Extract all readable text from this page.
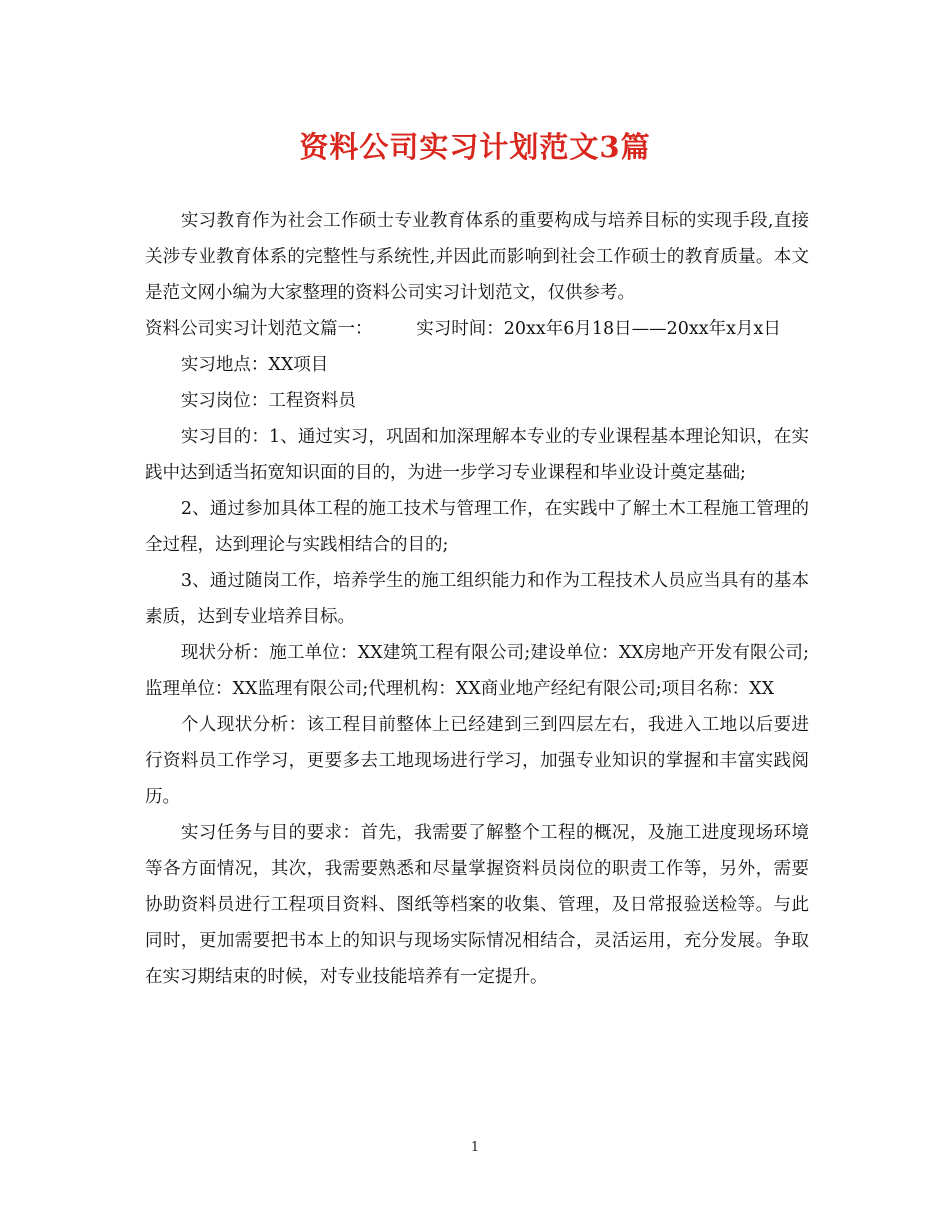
资料公司实习计划范文3篇

实习教育作为社会工作硕士专业教育体系的重要构成与培养目标的实现手段,直接关涉专业教育体系的完整性与系统性,并因此而影响到社会工作硕士的教育质量。本文是范文网小编为大家整理的资料公司实习计划范文，仅供参考。

资料公司实习计划范文篇一：　　　实习时间：20xx年6月18日——20xx年x月x日

实习地点：XX项目

实习岗位：工程资料员

实习目的：1、通过实习，巩固和加深理解本专业的专业课程基本理论知识，在实践中达到适当拓宽知识面的目的，为进一步学习专业课程和毕业设计奠定基础;

2、通过参加具体工程的施工技术与管理工作，在实践中了解土木工程施工管理的全过程，达到理论与实践相结合的目的;

3、通过随岗工作，培养学生的施工组织能力和作为工程技术人员应当具有的基本素质，达到专业培养目标。

现状分析：施工单位：XX建筑工程有限公司;建设单位：XX房地产开发有限公司;监理单位：XX监理有限公司;代理机构：XX商业地产经纪有限公司;项目名称：XX

个人现状分析：该工程目前整体上已经建到三到四层左右，我进入工地以后要进行资料员工作学习，更要多去工地现场进行学习，加强专业知识的掌握和丰富实践阅历。

实习任务与目的要求：首先，我需要了解整个工程的概况，及施工进度现场环境等各方面情况，其次，我需要熟悉和尽量掌握资料员岗位的职责工作等，另外，需要协助资料员进行工程项目资料、图纸等档案的收集、管理，及日常报验送检等。与此同时，更加需要把书本上的知识与现场实际情况相结合，灵活运用，充分发展。争取在实习期结束的时候，对专业技能培养有一定提升。

1
